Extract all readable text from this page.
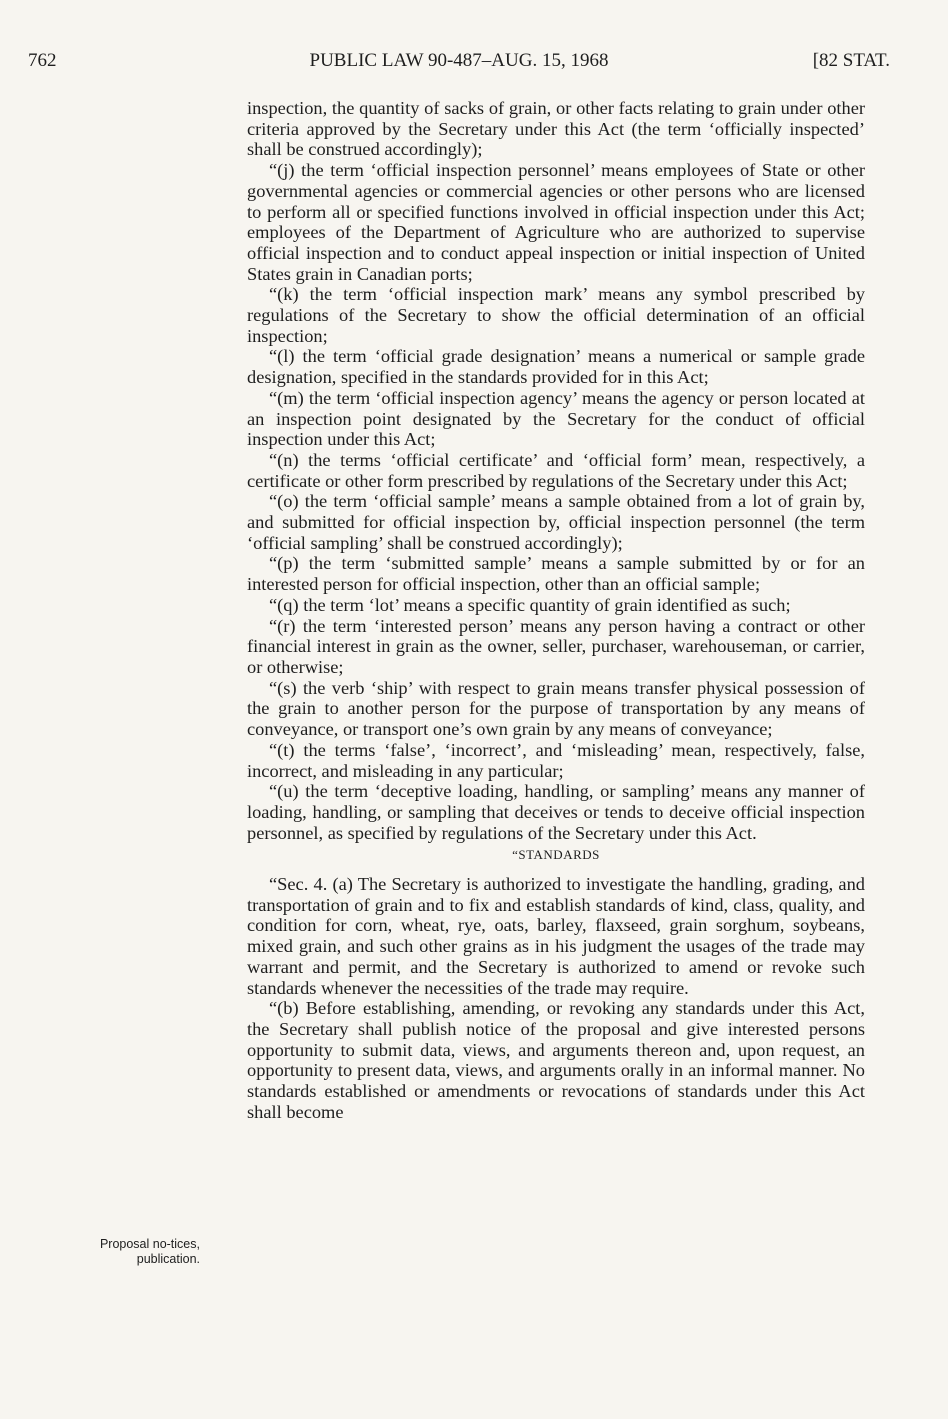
762	PUBLIC LAW 90-487–AUG. 15, 1968	[82 STAT.
Proposal no-tices, publication.

inspection, the quantity of sacks of grain, or other facts relating to grain under other criteria approved by the Secretary under this Act (the term ‘officially inspected’ shall be construed accordingly);

“(j) the term ‘official inspection personnel’ means employees of State or other governmental agencies or commercial agencies or other persons who are licensed to perform all or specified functions involved in official inspection under this Act; employees of the Department of Agriculture who are authorized to supervise official inspection and to conduct appeal inspection or initial inspection of United States grain in Canadian ports;

“(k) the term ‘official inspection mark’ means any symbol prescribed by regulations of the Secretary to show the official determination of an official inspection;

“(l) the term ‘official grade designation’ means a numerical or sample grade designation, specified in the standards provided for in this Act;

“(m) the term ‘official inspection agency’ means the agency or person located at an inspection point designated by the Secretary for the conduct of official inspection under this Act;

“(n) the terms ‘official certificate’ and ‘official form’ mean, respectively, a certificate or other form prescribed by regulations of the Secretary under this Act;

“(o) the term ‘official sample’ means a sample obtained from a lot of grain by, and submitted for official inspection by, official inspection personnel (the term ‘official sampling’ shall be construed accordingly);

“(p) the term ‘submitted sample’ means a sample submitted by or for an interested person for official inspection, other than an official sample;

“(q) the term ‘lot’ means a specific quantity of grain identified as such;

“(r) the term ‘interested person’ means any person having a contract or other financial interest in grain as the owner, seller, purchaser, warehouseman, or carrier, or otherwise;

“(s) the verb ‘ship’ with respect to grain means transfer physical possession of the grain to another person for the purpose of transportation by any means of conveyance, or transport one’s own grain by any means of conveyance;

“(t) the terms ‘false’, ‘incorrect’, and ‘misleading’ mean, respectively, false, incorrect, and misleading in any particular;

“(u) the term ‘deceptive loading, handling, or sampling’ means any manner of loading, handling, or sampling that deceives or tends to deceive official inspection personnel, as specified by regulations of the Secretary under this Act.

“STANDARDS

“Sec. 4. (a) The Secretary is authorized to investigate the handling, grading, and transportation of grain and to fix and establish standards of kind, class, quality, and condition for corn, wheat, rye, oats, barley, flaxseed, grain sorghum, soybeans, mixed grain, and such other grains as in his judgment the usages of the trade may warrant and permit, and the Secretary is authorized to amend or revoke such standards whenever the necessities of the trade may require.

“(b) Before establishing, amending, or revoking any standards under this Act, the Secretary shall publish notice of the proposal and give interested persons opportunity to submit data, views, and arguments thereon and, upon request, an opportunity to present data, views, and arguments orally in an informal manner. No standards established or amendments or revocations of standards under this Act shall become
